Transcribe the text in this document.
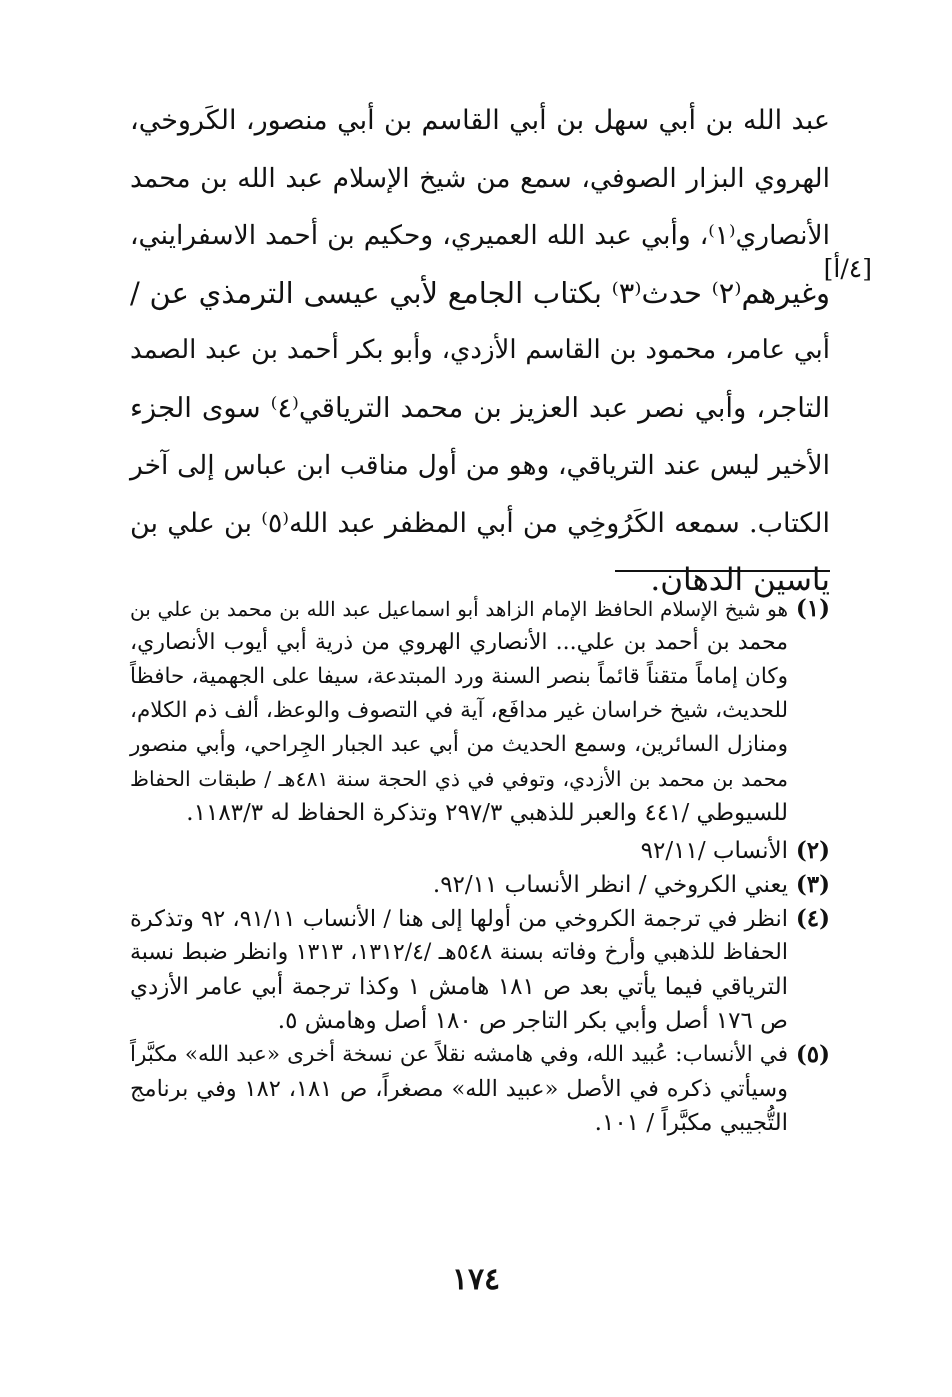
عبد الله بن أبي سهل بن أبي القاسم بن أبي منصور، الكَروخي،
الهروي البزار الصوفي، سمع من شيخ الإسلام عبد الله بن محمد
الأنصاري⁽١⁾، وأبي عبد الله العميري، وحكيم بن أحمد الاسفرايني،
وغيرهم⁽٢⁾ حدث⁽٣⁾ بكتاب الجامع لأبي عيسى الترمذي عن /
أبي عامر، محمود بن القاسم الأزدي، وأبو بكر أحمد بن عبد الصمد
التاجر، وأبي نصر عبد العزيز بن محمد الترياقي⁽٤⁾ سوى الجزء
الأخير ليس عند الترياقي، وهو من أول مناقب ابن عباس إلى آخر
الكتاب. سمعه الكَرُوخِي من أبي المظفر عبد الله⁽٥⁾ بن علي بن
ياسين الدهان.
[٤/أ]
(١)
هو شيخ الإسلام الحافظ الإمام الزاهد أبو اسماعيل عبد الله بن محمد بن علي بن
محمد بن أحمد بن علي... الأنصاري الهروي من ذرية أبي أيوب الأنصاري،
وكان إماماً متقناً قائماً بنصر السنة ورد المبتدعة، سيفا على الجهمية، حافظاً
للحديث، شيخ خراسان غير مدافَع، آية في التصوف والوعظ، ألف ذم الكلام،
ومنازل السائرين، وسمع الحديث من أبي عبد الجبار الجِراحي، وأبي منصور
محمد بن محمد بن الأزدي، وتوفي في ذي الحجة سنة ٤٨١هـ / طبقات الحفاظ
للسيوطي /٤٤١ والعبر للذهبي ٢٩٧/٣ وتذكرة الحفاظ له ١١٨٣/٣.
(٢)
الأنساب /٩٢/١١
(٣)
يعني الكروخي / انظر الأنساب ٩٢/١١.
(٤)
انظر في ترجمة الكروخي من أولها إلى هنا / الأنساب ٩١/١١، ٩٢ وتذكرة
الحفاظ للذهبي وأرخ وفاته بسنة ٥٤٨هـ /١٣١٢/٤، ١٣١٣ وانظر ضبط نسبة
الترياقي فيما يأتي بعد ص ١٨١ هامش ١ وكذا ترجمة أبي عامر الأزدي
ص ١٧٦ أصل وأبي بكر التاجر ص ١٨٠ أصل وهامش ٥.
(٥)
في الأنساب: عُبيد الله، وفي هامشه نقلاً عن نسخة أخرى «عبد الله» مكبَّراً
وسيأتي ذكره في الأصل «عبيد الله» مصغراً، ص ١٨١، ١٨٢ وفي برنامج
التُّجيبي مكبَّراً / ١٠١.
١٧٤
